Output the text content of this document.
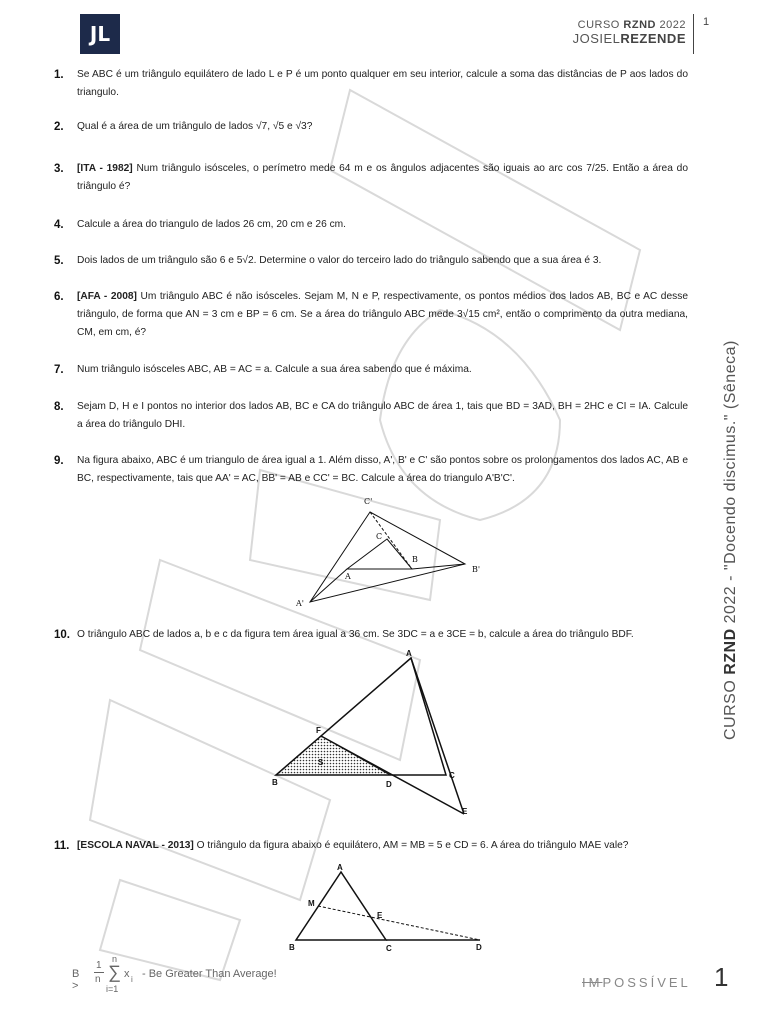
JL	CURSO RZND 2022
JOSIELREZENDE
1
CURSO RZND 2022 - "Docendo discimus." (Sêneca)
1. Se ABC é um triângulo equilátero de lado L e P é um ponto qualquer em seu interior, calcule a soma das distâncias de P aos lados do triangulo.
2. Qual é a área de um triângulo de lados √7, √5 e √3?
3. [ITA - 1982] Num triângulo isósceles, o perímetro mede 64 m e os ângulos adjacentes são iguais ao arc cos 7/25. Então a área do triângulo é?
4. Calcule a área do triangulo de lados 26 cm, 20 cm e 26 cm.
5. Dois lados de um triângulo são 6 e 5√2. Determine o valor do terceiro lado do triângulo sabendo que a sua área é 3.
6. [AFA - 2008] Um triângulo ABC é não isósceles. Sejam M, N e P, respectivamente, os pontos médios dos lados AB, BC e AC desse triângulo, de forma que AN = 3 cm e BP = 6 cm. Se a área do triângulo ABC mede 3√15 cm², então o comprimento da outra mediana, CM, em cm, é?
7. Num triângulo isósceles ABC, AB = AC = a. Calcule a sua área sabendo que é máxima.
8. Sejam D, H e I pontos no interior dos lados AB, BC e CA do triângulo ABC de área 1, tais que BD = 3AD, BH = 2HC e CI = IA. Calcule a área do triângulo DHI.
9. Na figura abaixo, ABC é um triangulo de área igual a 1. Além disso, A', B' e C' são pontos sobre os prolongamentos dos lados AC, AB e BC, respectivamente, tais que AA' = AC, BB' = AB e CC' = BC. Calcule a área do triangulo A'B'C'.
C'
C
B
A
B'
A'
10. O triângulo ABC de lados a, b e c da figura tem área igual a 36 cm. Se 3DC = a e 3CE = b, calcule a área do triângulo BDF.
A
F
S
B	D
C
E
11. [ESCOLA NAVAL - 2013] O triângulo da figura abaixo é equilátero, AM = MB = 5 e CD = 6. A área do triângulo MAE vale?
A
M
E
B	C	D
B >
1
n
n
∑
i=1
x i - Be Greater Than Average!
IMPOSSÍVEL 1
